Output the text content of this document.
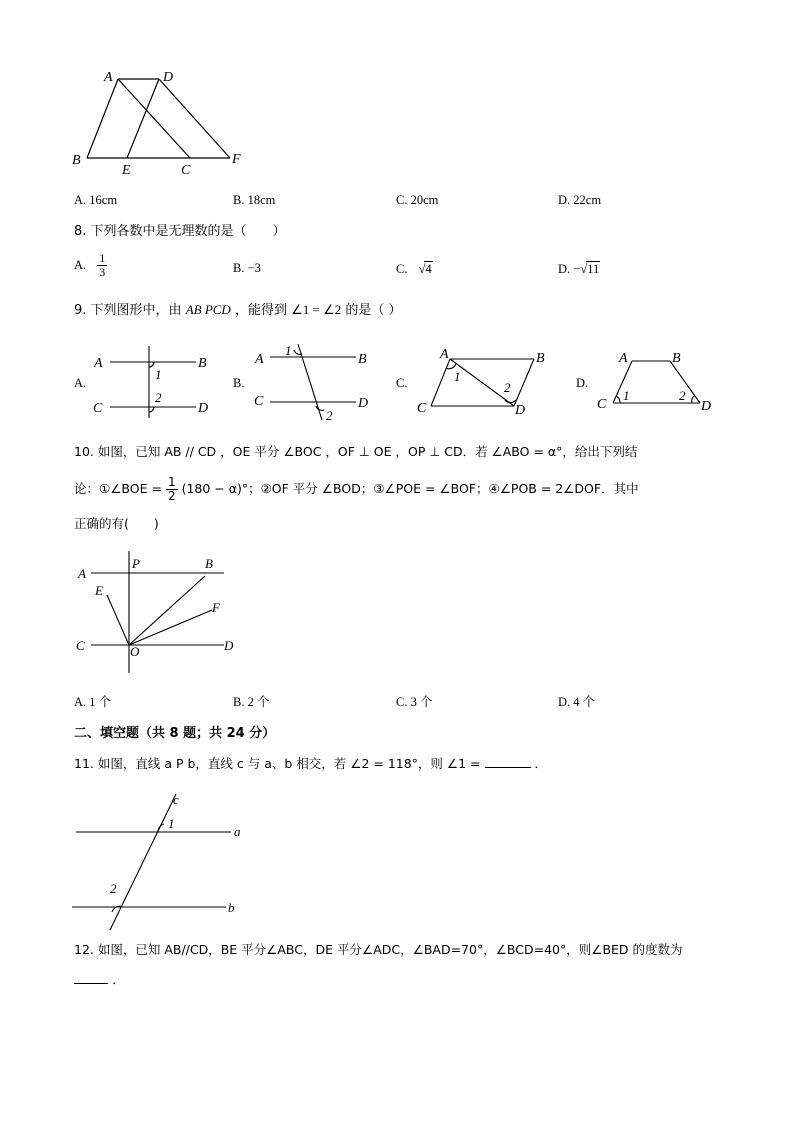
A	D
B
E	C
F
A. 16cm	B. 18cm	C. 20cm	D. 22cm
8. 下列各数中是无理数的是（　　）
A. $\frac{1}{3}$	B. −3	C. √4	D. −√11
9. 下列图形中，由 AB PCD ，能得到 ∠1 = ∠2 的是（ ）
A.	B.	C.	D.
A	B
C	D
1
2
A	B
C	D
1
2
A	B
C	D
1
2
A	B
C	D
1	2
10. 如图，已知 AB // CD ，OE 平分 ∠BOC ，OF ⊥ OE ，OP ⊥ CD．若 ∠ABO = α°，给出下列结
论：①∠BOE = $\frac{1}{2} (180 - \alpha)^\circ$；②OF 平分 ∠BOD；③∠POE = ∠BOF；④∠POB = 2∠DOF．其中
正确的有(　　)
A
P	B
E
F
C	O	D
A. 1 个	B. 2 个	C. 3 个	D. 4 个
二、填空题（共 8 题；共 24 分）
11. 如图，直线 a P b，直线 c 与 a、b 相交，若 ∠2 = 118°，则 ∠1 =	．
c
1
a
2
b
12. 如图，已知 AB//CD，BE 平分∠ABC，DE 平分∠ADC，∠BAD=70°，∠BCD=40°，则∠BED 的度数为
．
